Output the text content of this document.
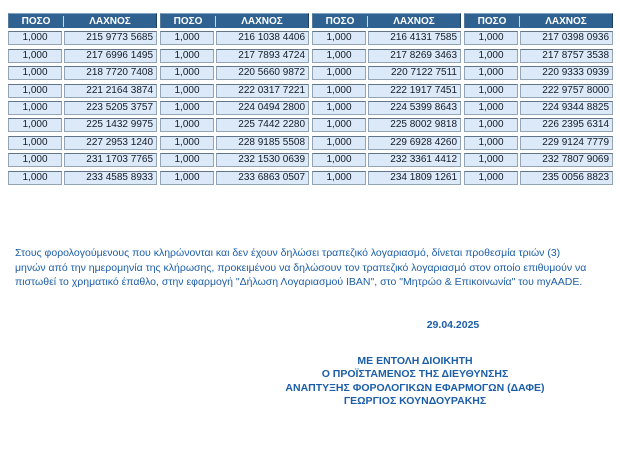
ΠΟΣΟ	ΛΑΧΝΟΣ
1,000	215 9773 5685
1,000	217 6996 1495
1,000	218 7720 7408
1,000	221 2164 3874
1,000	223 5205 3757
1,000	225 1432 9975
1,000	227 2953 1240
1,000	231 1703 7765
1,000	233 4585 8933
ΠΟΣΟ	ΛΑΧΝΟΣ
1,000	216 1038 4406
1,000	217 7893 4724
1,000	220 5660 9872
1,000	222 0317 7221
1,000	224 0494 2800
1,000	225 7442 2280
1,000	228 9185 5508
1,000	232 1530 0639
1,000	233 6863 0507
ΠΟΣΟ	ΛΑΧΝΟΣ
1,000	216 4131 7585
1,000	217 8269 3463
1,000	220 7122 7511
1,000	222 1917 7451
1,000	224 5399 8643
1,000	225 8002 9818
1,000	229 6928 4260
1,000	232 3361 4412
1,000	234 1809 1261
ΠΟΣΟ	ΛΑΧΝΟΣ
1,000	217 0398 0936
1,000	217 8757 3538
1,000	220 9333 0939
1,000	222 9757 8000
1,000	224 9344 8825
1,000	226 2395 6314
1,000	229 9124 7779
1,000	232 7807 9069
1,000	235 0056 8823
Στους φορολογούμενους που κληρώνονται και δεν έχουν δηλώσει τραπεζικό λογαριασμό, δίνεται προθεσμία τριών (3)
μηνών από την ημερομηνία της κλήρωσης, προκειμένου να δηλώσουν τον τραπεζικό λογαριασμό στον οποίο επιθυμούν να
πιστωθεί το χρηματικό έπαθλο, στην εφαρμογή "Δήλωση Λογαριασμού IBAN", στο "Μητρώο & Επικοινωνία" του myAADE.
29.04.2025
ΜΕ ΕΝΤΟΛΗ ΔΙΟΙΚΗΤΗ
Ο ΠΡΟΪΣΤΑΜΕΝΟΣ ΤΗΣ ΔΙΕΥΘΥΝΣΗΣ
ΑΝΑΠΤΥΞΗΣ ΦΟΡΟΛΟΓΙΚΩΝ ΕΦΑΡΜΟΓΩΝ (ΔΑΦΕ)
ΓΕΩΡΓΙΟΣ ΚΟΥΝΔΟΥΡΑΚΗΣ
